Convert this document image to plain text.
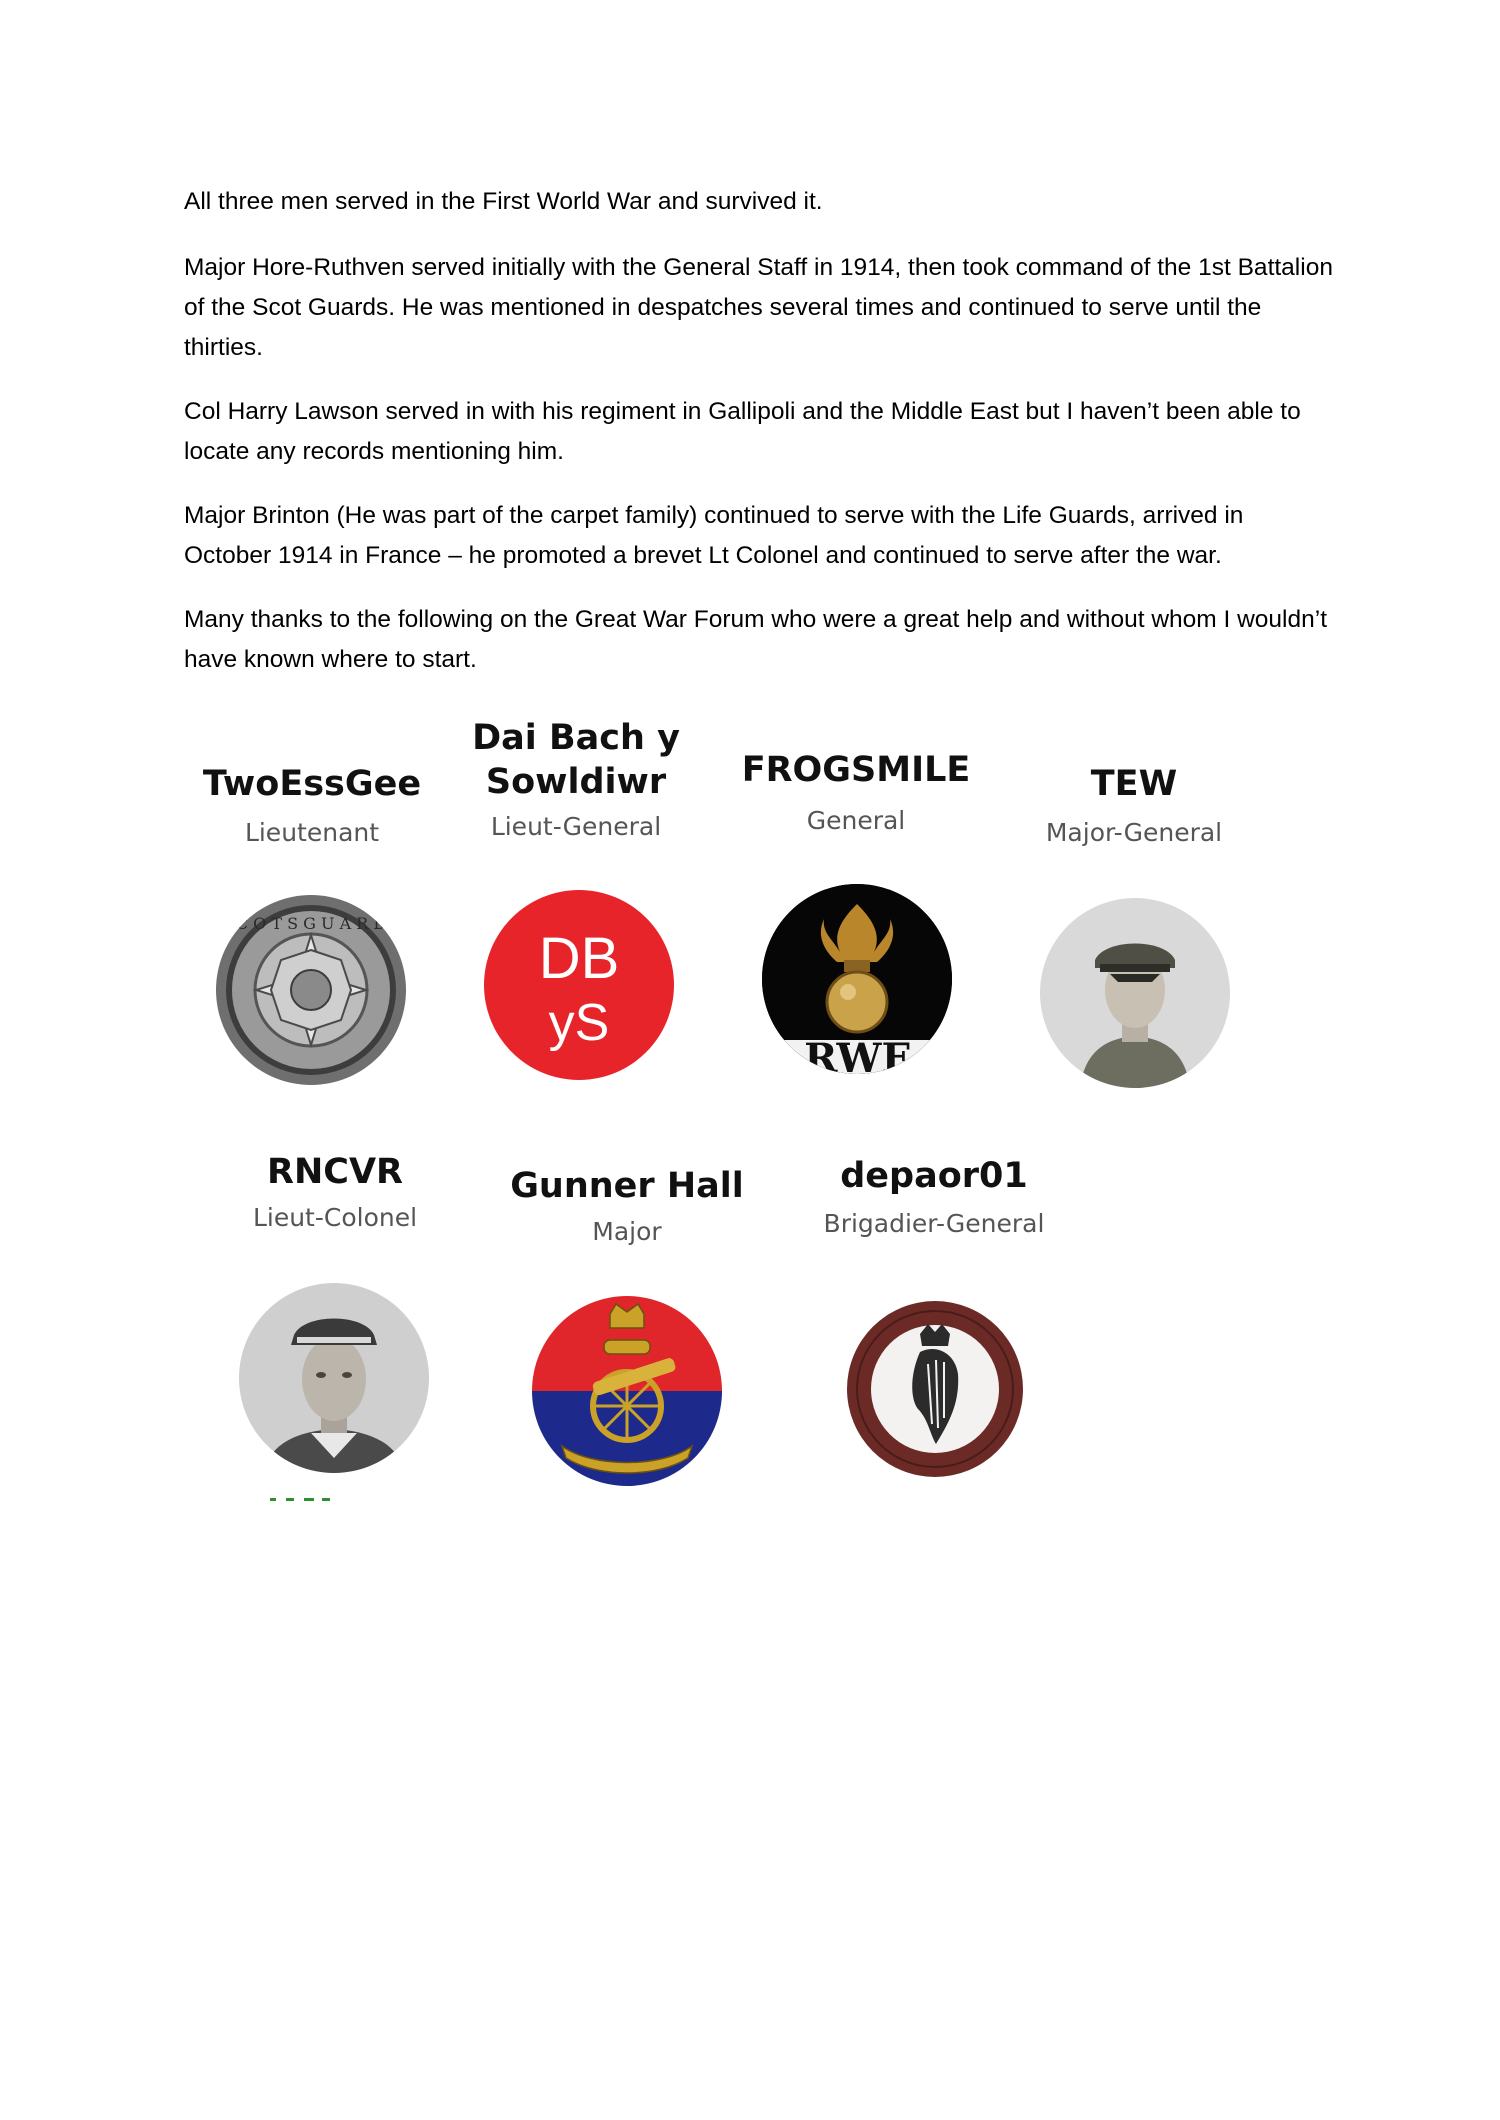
All three men served in the First World War and survived it.

Major Hore-Ruthven served initially with the General Staff in 1914, then took command of the 1st Battalion of the Scot Guards. He was mentioned in despatches several times and continued to serve until the thirties.

Col Harry Lawson served in with his regiment in Gallipoli and the Middle East but I haven’t been able to locate any records mentioning him.

Major Brinton (He was part of the carpet family) continued to serve with the Life Guards, arrived in October 1914 in France – he promoted a brevet Lt Colonel and continued to serve after the war.

Many thanks to the following on the Great War Forum who were a great help and without whom I wouldn’t have known where to start.

TwoEssGee
Lieutenant
S C O T S G U A R D S
Dai Bach y Sowldiwr
Lieut-General
DB
yS
FROGSMILE
General
RWF
TEW
Major-General
RNCVR
Lieut-Colonel
Gunner Hall
Major
depaor01
Brigadier-General
